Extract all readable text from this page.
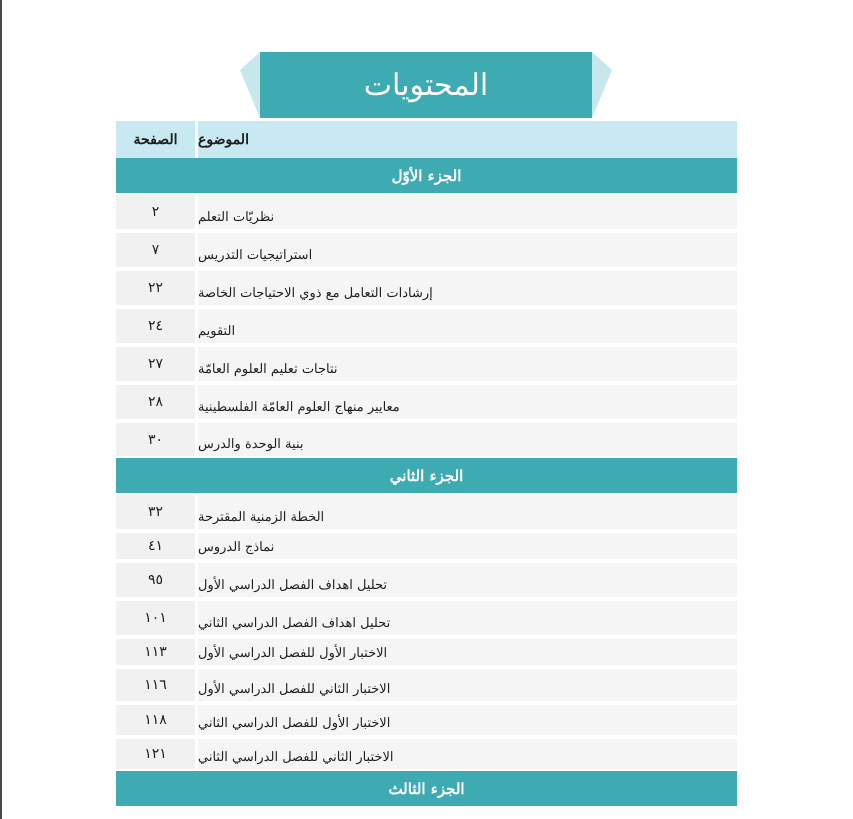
المحتويات
الصفحة	الموضوع
الجزء الأوّل
٢	نظريّات التعلم
٧	استراتيجيات التدريس
٢٢	إرشادات التعامل مع ذوي الاحتياجات الخاصة
٢٤	التقويم
٢٧	نتاجات تعليم العلوم العامّة
٢٨	معايير منهاج العلوم العامّة الفلسطينية
٣٠	بنية الوحدة والدرس
الجزء الثاني
٣٢	الخطة الزمنية المقترحة
٤١	نماذج الدروس
٩٥	تحليل اهداف الفصل الدراسي الأول
١٠١	تحليل اهداف الفصل الدراسي الثاني
١١٣	الاختبار الأول للفصل الدراسي الأول
١١٦	الاختبار الثاني للفصل الدراسي الأول
١١٨	الاختبار الأول للفصل الدراسي الثاني
١٢١	الاختبار الثاني للفصل الدراسي الثاني
الجزء الثالث
